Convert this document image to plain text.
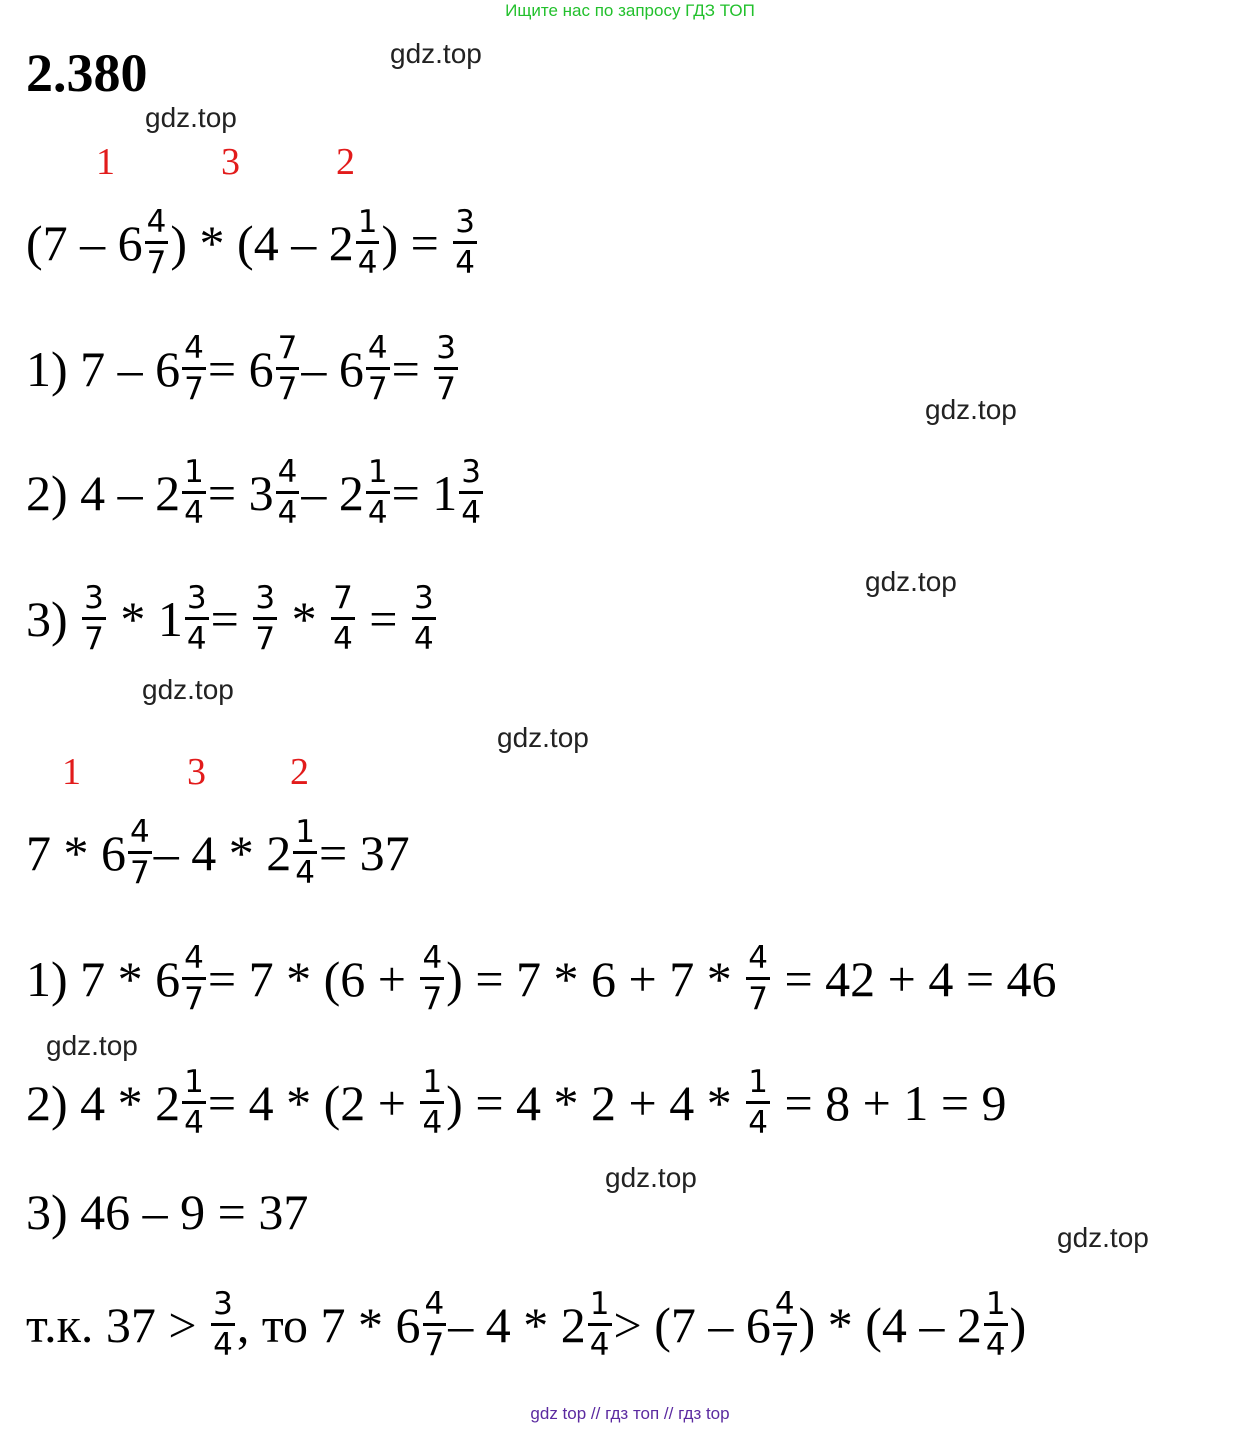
Ищите нас по запросу ГДЗ ТОП
2.380	gdz.top
gdz.top
gdz.top
gdz.top
gdz.top
gdz.top
gdz.top
gdz.top
gdz.top
1	3	2
($7 - 6 \frac{4}{7}$ ) * ($4 - 2 \frac{1}{4}$ ) =
$\frac{3}{4}$
1) $7 - 6 \frac{4}{7} = 6 \frac{7}{7} - 6 \frac{4}{7}$ =
$\frac{3}{7}$
2) $4 - 2 \frac{1}{4} = 3 \frac{4}{4} - 2 \frac{1}{4} = 1 \frac{3}{4}$
3)
$\frac{3}{7}$
* $1 \frac{3}{4}$ =
$\frac{3}{7}$
*
$\frac{7}{4}$
=
$\frac{3}{4}$
1	3 2
$7 * 6 \frac{4}{7} - 4 * 2 \frac{1}{4} = 37$
1) $7 * 6 \frac{4}{7} = 7 * (6$ +
$\frac{4}{7}$ ) = 7 * 6 + 7 *
$\frac{4}{7}$
= 42 + 4 = 46
2) $4 * 2 \frac{1}{4} = 4 * (2$ +
$\frac{1}{4}$ ) = 4 * 2 + 4 *
$\frac{1}{4}$
= 8 + 1 = 9
3) 46 – 9 = 37
т.к. 37 >
$\frac{3}{4}$ , то $7 * 6 \frac{4}{7} - 4 * 2 \frac{1}{4} > (7 - 6 \frac{4}{7}$ ) * ($4 - 2 \frac{1}{4}$ )
gdz top // гдз топ // гдз top
